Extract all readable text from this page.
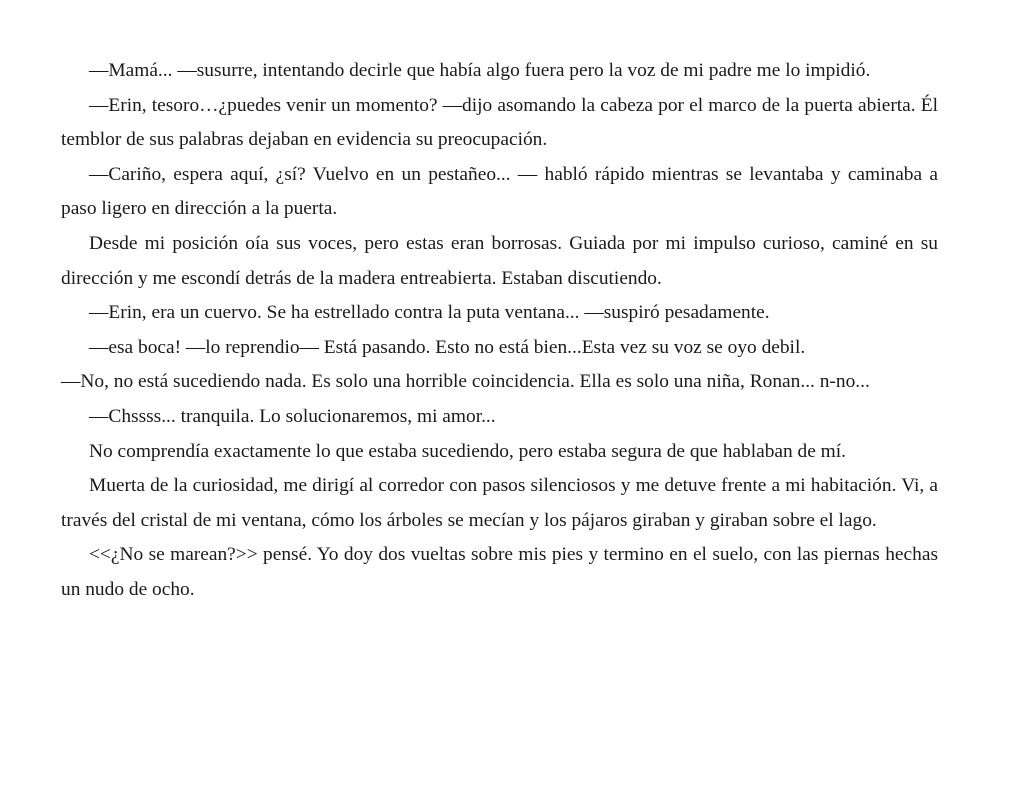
—Mamá... —susurre, intentando decirle que había algo fuera pero la voz de mi padre me lo impidió.

—Erin, tesoro…¿puedes venir un momento? —dijo asomando la cabeza por el marco de la puerta abierta. Él temblor de sus palabras dejaban en evidencia su preocupación.

—Cariño, espera aquí, ¿sí? Vuelvo en un pestañeo... — habló rápido mientras se levantaba y caminaba a paso ligero en dirección a la puerta.

Desde mi posición oía sus voces, pero estas eran borrosas. Guiada por mi impulso curioso, caminé en su dirección y me escondí detrás de la madera entreabierta. Estaban discutiendo.

—Erin, era un cuervo. Se ha estrellado contra la puta ventana... —suspiró pesadamente.

—esa boca! —lo reprendio— Está pasando. Esto no está bien...Esta vez su voz se oyo debil.

—No, no está sucediendo nada. Es solo una horrible coincidencia. Ella es solo una niña, Ronan... n-no...

—Chssss... tranquila. Lo solucionaremos, mi amor...

No comprendía exactamente lo que estaba sucediendo, pero estaba segura de que hablaban de mí.

Muerta de la curiosidad, me dirigí al corredor con pasos silenciosos y me detuve frente a mi habitación. Vi, a través del cristal de mi ventana, cómo los árboles se mecían y los pájaros giraban y giraban sobre el lago.

<<¿No se marean?>> pensé. Yo doy dos vueltas sobre mis pies y termino en el suelo, con las piernas hechas un nudo de ocho.
